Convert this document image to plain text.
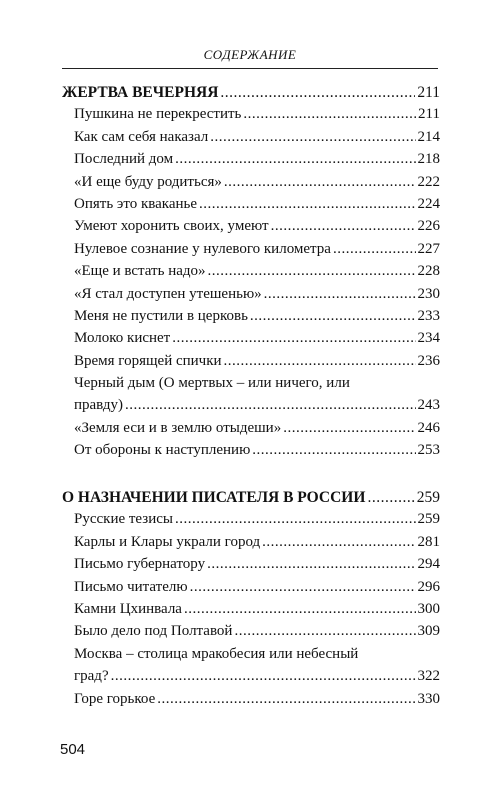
СОДЕРЖАНИЕ
ЖЕРТВА ВЕЧЕРНЯЯ .....	211
Пушкина не перекрестить .....	211
Как сам себя наказал .....	214
Последний дом .....	218
«И еще буду родиться» .....	222
Опять это кваканье .....	224
Умеют хоронить своих, умеют .....	226
Нулевое сознание у нулевого километра .....	227
«Еще и встать надо» .....	228
«Я стал доступен утешенью» .....	230
Меня не пустили в церковь .....	233
Молоко киснет .....	234
Время горящей спички .....	236
Черный дым (О мертвых – или ничего, или
правду) .....	243
«Земля еси и в землю отыдеши» .....	246
От обороны к наступлению .....	253
О НАЗНАЧЕНИИ ПИСАТЕЛЯ В РОССИИ .....	259
Русские тезисы .....	259
Карлы и Клары украли город .....	281
Письмо губернатору .....	294
Письмо читателю .....	296
Камни Цхинвала .....	300
Было дело под Полтавой .....	309
Москва – столица мракобесия или небесный
град? .....	322
Горе горькое .....	330
504
